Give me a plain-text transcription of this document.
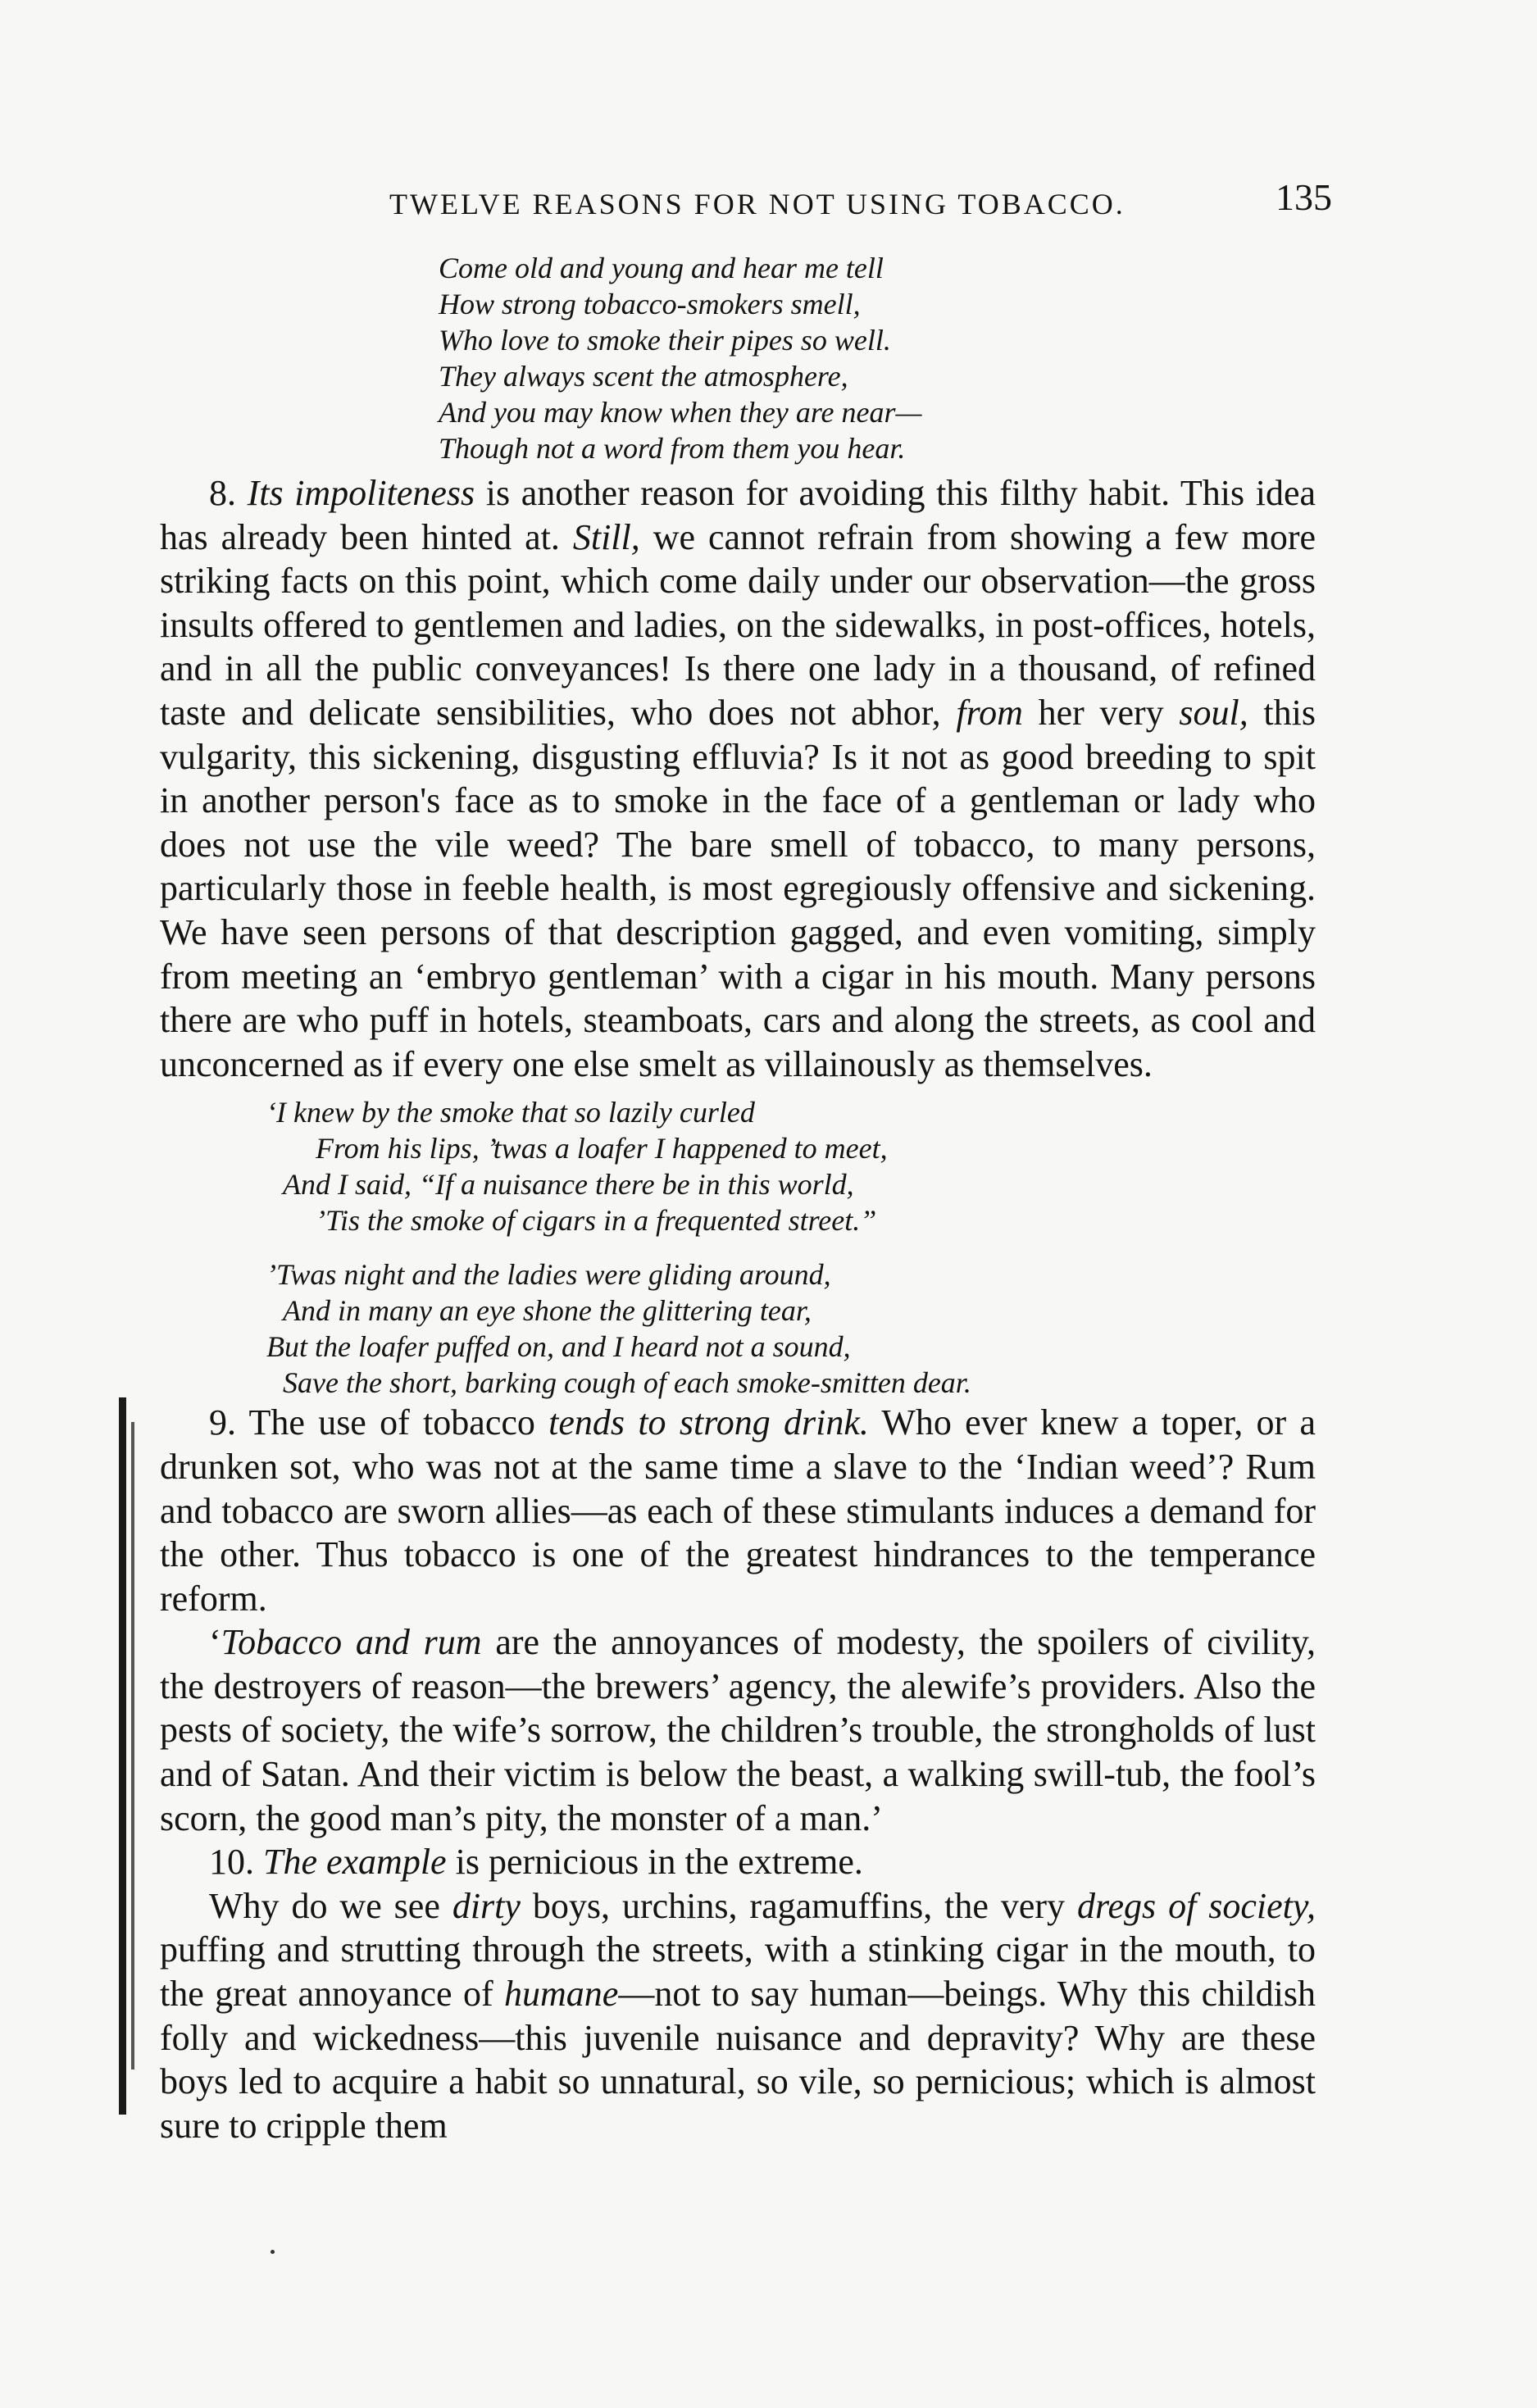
TWELVE REASONS FOR NOT USING TOBACCO.	135
Come old and young and hear me tell
How strong tobacco-smokers smell,
Who love to smoke their pipes so well.
They always scent the atmosphere,
And you may know when they are near—
Though not a word from them you hear.

8. Its impoliteness is another reason for avoiding this filthy habit. This idea has already been hinted at. Still, we cannot refrain from showing a few more striking facts on this point, which come daily under our observation—the gross insults offered to gentlemen and ladies, on the sidewalks, in post-offices, hotels, and in all the public conveyances! Is there one lady in a thousand, of refined taste and delicate sensibilities, who does not abhor, from her very soul, this vulgarity, this sickening, disgusting effluvia? Is it not as good breeding to spit in another person's face as to smoke in the face of a gentleman or lady who does not use the vile weed? The bare smell of tobacco, to many persons, particularly those in feeble health, is most egregiously offensive and sickening. We have seen persons of that description gagged, and even vomiting, simply from meeting an ‘embryo gentleman’ with a cigar in his mouth. Many persons there are who puff in hotels, steamboats, cars and along the streets, as cool and unconcerned as if every one else smelt as villainously as themselves.

‘I knew by the smoke that so lazily curled
From his lips, ’twas a loafer I happened to meet,
And I said, “If a nuisance there be in this world,
’Tis the smoke of cigars in a frequented street.”
’Twas night and the ladies were gliding around,
And in many an eye shone the glittering tear,
But the loafer puffed on, and I heard not a sound,
Save the short, barking cough of each smoke-smitten dear.

9. The use of tobacco tends to strong drink. Who ever knew a toper, or a drunken sot, who was not at the same time a slave to the ‘Indian weed’? Rum and tobacco are sworn allies—as each of these stimulants induces a demand for the other. Thus tobacco is one of the greatest hindrances to the temperance reform.

‘Tobacco and rum are the annoyances of modesty, the spoilers of civility, the destroyers of reason—the brewers’ agency, the alewife’s providers. Also the pests of society, the wife’s sorrow, the children’s trouble, the strongholds of lust and of Satan. And their victim is below the beast, a walking swill-tub, the fool’s scorn, the good man’s pity, the monster of a man.’

10. The example is pernicious in the extreme.

Why do we see dirty boys, urchins, ragamuffins, the very dregs of society, puffing and strutting through the streets, with a stinking cigar in the mouth, to the great annoyance of humane—not to say human—beings. Why this childish folly and wickedness—this juvenile nuisance and depravity? Why are these boys led to acquire a habit so unnatural, so vile, so pernicious; which is almost sure to cripple them
